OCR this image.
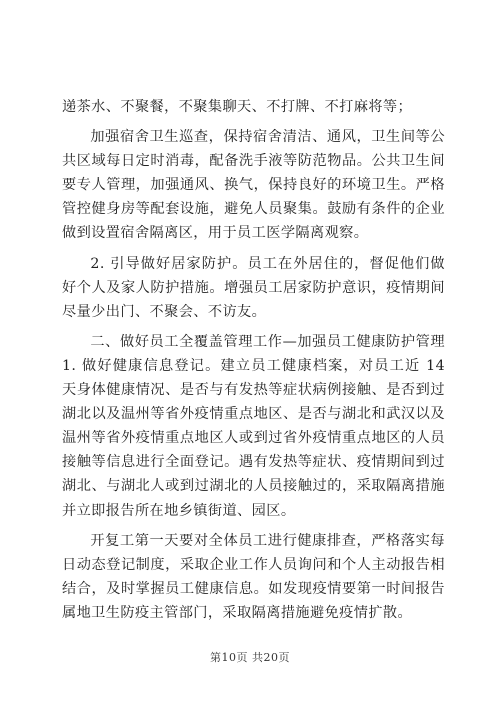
递茶水、不聚餐，不聚集聊天、不打牌、不打麻将等；

加强宿舍卫生巡查，保持宿舍清洁、通风，卫生间等公共区域每日定时消毒，配备洗手液等防范物品。公共卫生间要专人管理，加强通风、换气，保持良好的环境卫生。严格管控健身房等配套设施，避免人员聚集。鼓励有条件的企业做到设置宿舍隔离区，用于员工医学隔离观察。

2. 引导做好居家防护。员工在外居住的，督促他们做好个人及家人防护措施。增强员工居家防护意识，疫情期间尽量少出门、不聚会、不访友。

二、做好员工全覆盖管理工作—加强员工健康防护管理 1. 做好健康信息登记。建立员工健康档案，对员工近 14 天身体健康情况、是否与有发热等症状病例接触、是否到过湖北以及温州等省外疫情重点地区、是否与湖北和武汉以及温州等省外疫情重点地区人或到过省外疫情重点地区的人员接触等信息进行全面登记。遇有发热等症状、疫情期间到过湖北、与湖北人或到过湖北的人员接触过的，采取隔离措施并立即报告所在地乡镇街道、园区。

开复工第一天要对全体员工进行健康排查，严格落实每日动态登记制度，采取企业工作人员询问和个人主动报告相结合，及时掌握员工健康信息。如发现疫情要第一时间报告属地卫生防疫主管部门，采取隔离措施避免疫情扩散。

第10页 共20页
